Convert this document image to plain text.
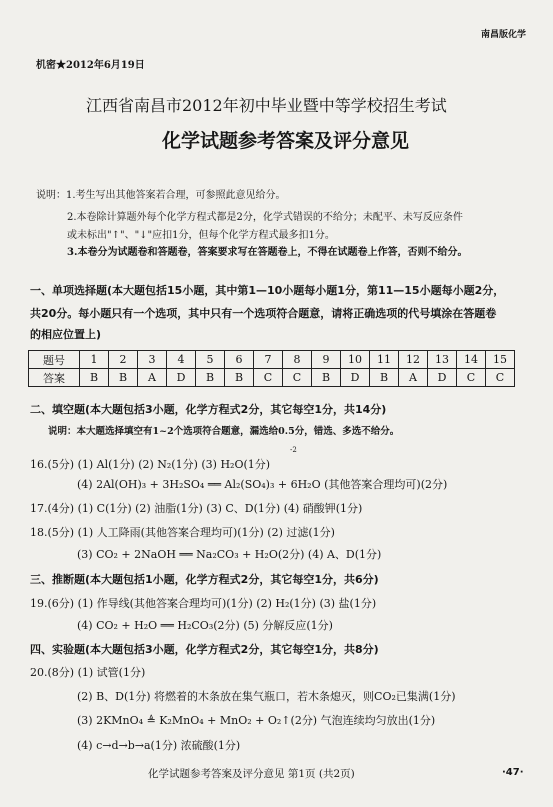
南昌版化学
机密★2012年6月19日
江西省南昌市2012年初中毕业暨中等学校招生考试
化学试题参考答案及评分意见
说明：1.考生写出其他答案若合理，可参照此意见给分。
2.本卷除计算题外每个化学方程式都是2分，化学式错误的不给分；未配平、未写反应条件
或未标出"↑"、"↓"应扣1分，但每个化学方程式最多扣1分。
3.本卷分为试题卷和答题卷，答案要求写在答题卷上，不得在试题卷上作答，否则不给分。
一、单项选择题(本大题包括15小题，其中第1—10小题每小题1分，第11—15小题每小题2分，
共20分。每小题只有一个选项，其中只有一个选项符合题意，请将正确选项的代号填涂在答题卷
的相应位置上)
题号	1	2	3	4	5	6	7	8	9	10	11	12	13	14	15
答案	B	B	A	D	B	B	C	C	B	D	B	A	D	C	C
二、填空题(本大题包括3小题，化学方程式2分，其它每空1分，共14分)
说明：本大题选择填空有1~2个选项符合题意，漏选给0.5分，错选、多选不给分。
-2
16.(5分) (1) Al(1分) (2) N₂(1分) (3) H₂O(1分)
(4) 2Al(OH)₃ + 3H₂SO₄ ══ Al₂(SO₄)₃ + 6H₂O (其他答案合理均可)(2分)
17.(4分) (1) C(1分) (2) 油脂(1分) (3) C、D(1分) (4) 硝酸钾(1分)
18.(5分) (1) 人工降雨(其他答案合理均可)(1分) (2) 过滤(1分)
(3) CO₂ + 2NaOH ══ Na₂CO₃ + H₂O(2分) (4) A、D(1分)
三、推断题(本大题包括1小题，化学方程式2分，其它每空1分，共6分)
19.(6分) (1) 作导线(其他答案合理均可)(1分) (2) H₂(1分) (3) 盐(1分)
(4) CO₂ + H₂O ══ H₂CO₃(2分) (5) 分解反应(1分)
四、实验题(本大题包括3小题，化学方程式2分，其它每空1分，共8分)
20.(8分) (1) 试管(1分)
(2) B、D(1分) 将燃着的木条放在集气瓶口，若木条熄灭，则CO₂已集满(1分)
(3) 2KMnO₄ ≜ K₂MnO₄ + MnO₂ + O₂↑(2分) 气泡连续均匀放出(1分)
(4) c→d→b→a(1分) 浓硫酸(1分)
化学试题参考答案及评分意见 第1页 (共2页)	·47·
